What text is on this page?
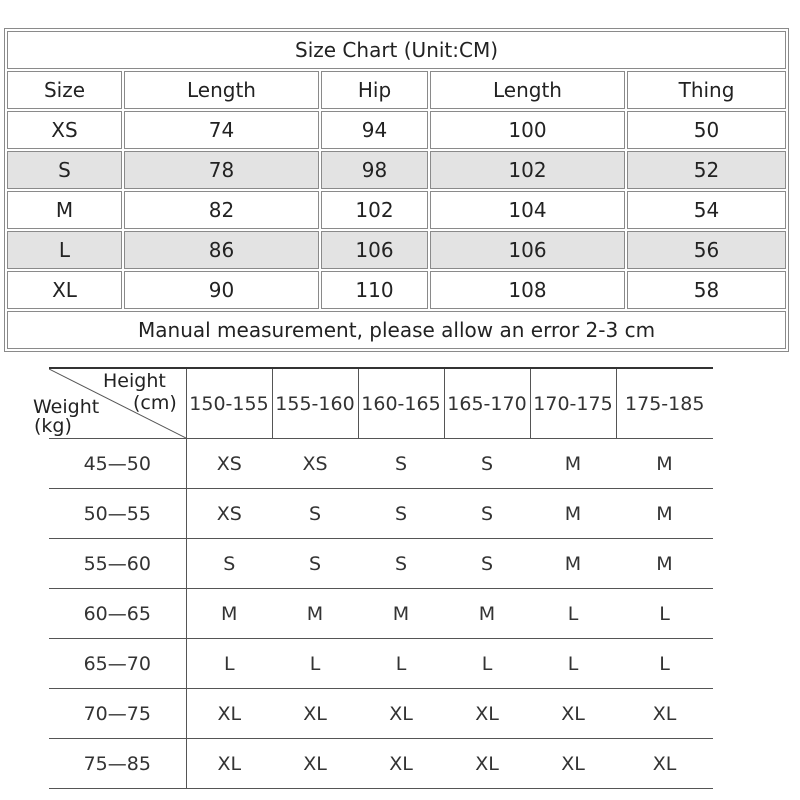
Size Chart (Unit:CM)				
Size	Length	Hip	Length	Thing
XS	74	94	100	50
S	78	98	102	52
M	82	102	104	54
L	86	106	106	56
XL	90	110	108	58
Manual measurement, please allow an error 2-3 cm				
Height
(cm)
Weight
(kg)	150-155	155-160	160-165	165-170	170-175	175-185
45—50	XS	XS	S	S	M	M
50—55	XS	S	S	S	M	M
55—60	S	S	S	S	M	M
60—65	M	M	M	M	L	L
65—70	L	L	L	L	L	L
70—75	XL	XL	XL	XL	XL	XL
75—85	XL	XL	XL	XL	XL	XL
